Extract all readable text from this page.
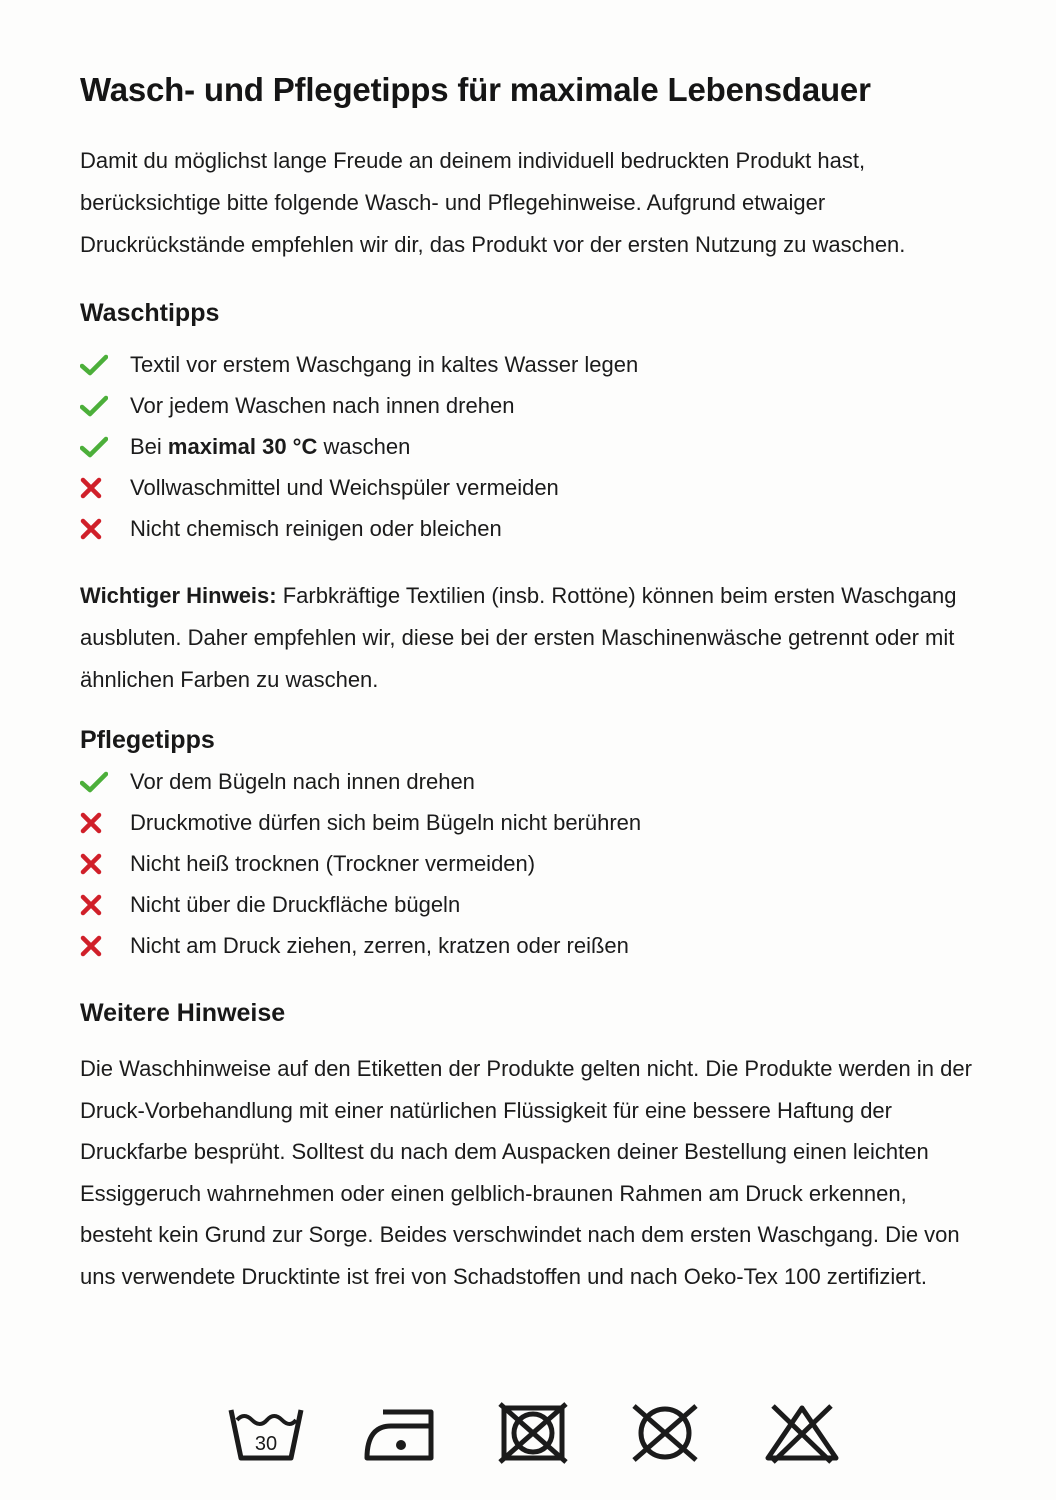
Wasch- und Pflegetipps für maximale Lebensdauer

Damit du möglichst lange Freude an deinem individuell bedruckten Produkt hast, berücksichtige bitte folgende Wasch- und Pflegehinweise. Aufgrund etwaiger Druckrückstände empfehlen wir dir, das Produkt vor der ersten Nutzung zu waschen.

Waschtipps
Textil vor erstem Waschgang in kaltes Wasser legen
Vor jedem Waschen nach innen drehen
Bei maximal 30 °C waschen
Vollwaschmittel und Weichspüler vermeiden
Nicht chemisch reinigen oder bleichen

Wichtiger Hinweis: Farbkräftige Textilien (insb. Rottöne) können beim ersten Waschgang ausbluten. Daher empfehlen wir, diese bei der ersten Maschinenwäsche getrennt oder mit ähnlichen Farben zu waschen.

Pflegetipps
Vor dem Bügeln nach innen drehen
Druckmotive dürfen sich beim Bügeln nicht berühren
Nicht heiß trocknen (Trockner vermeiden)
Nicht über die Druckfläche bügeln
Nicht am Druck ziehen, zerren, kratzen oder reißen
Weitere Hinweise

Die Waschhinweise auf den Etiketten der Produkte gelten nicht. Die Produkte werden in der Druck-Vorbehandlung mit einer natürlichen Flüssigkeit für eine bessere Haftung der Druckfarbe besprüht. Solltest du nach dem Auspacken deiner Bestellung einen leichten Essiggeruch wahrnehmen oder einen gelblich-braunen Rahmen am Druck erkennen, besteht kein Grund zur Sorge. Beides verschwindet nach dem ersten Waschgang. Die von uns verwendete Drucktinte ist frei von Schadstoffen und nach Oeko-Tex 100 zertifiziert.

30
